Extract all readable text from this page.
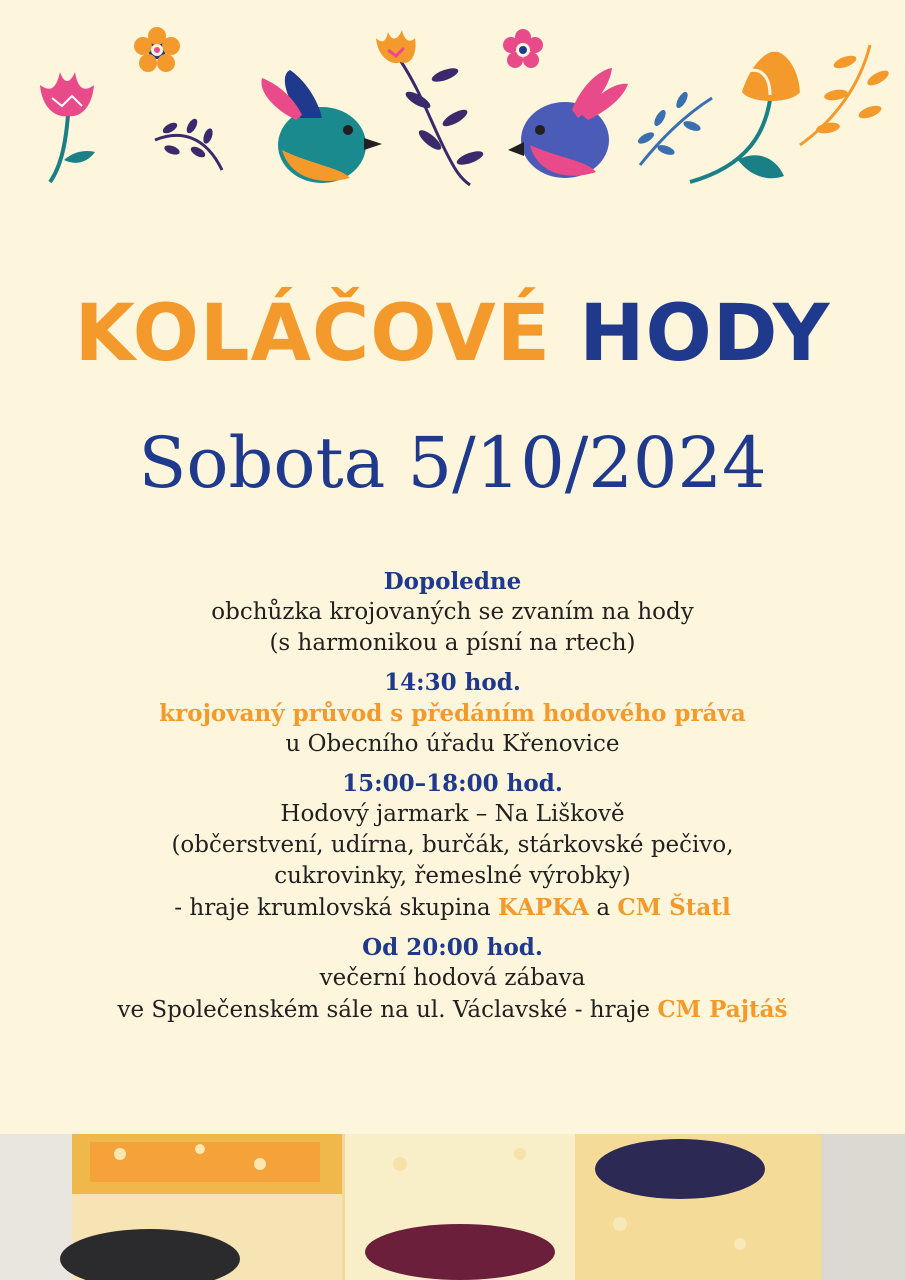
KOLÁČOVÉ HODY
Sobota 5/10/2024
Dopoledne
obchůzka krojovaných se zvaním na hody
(s harmonikou a písní na rtech)
14:30 hod.
krojovaný průvod s předáním hodového práva
u Obecního úřadu Křenovice
15:00–18:00 hod.
Hodový jarmark – Na Liškově
(občerstvení, udírna, burčák, stárkovské pečivo,
cukrovinky, řemeslné výrobky)
- hraje krumlovská skupina KAPKA a CM Štatl
Od 20:00 hod.
večerní hodová zábava
ve Společenském sále na ul. Václavské - hraje CM Pajtáš
